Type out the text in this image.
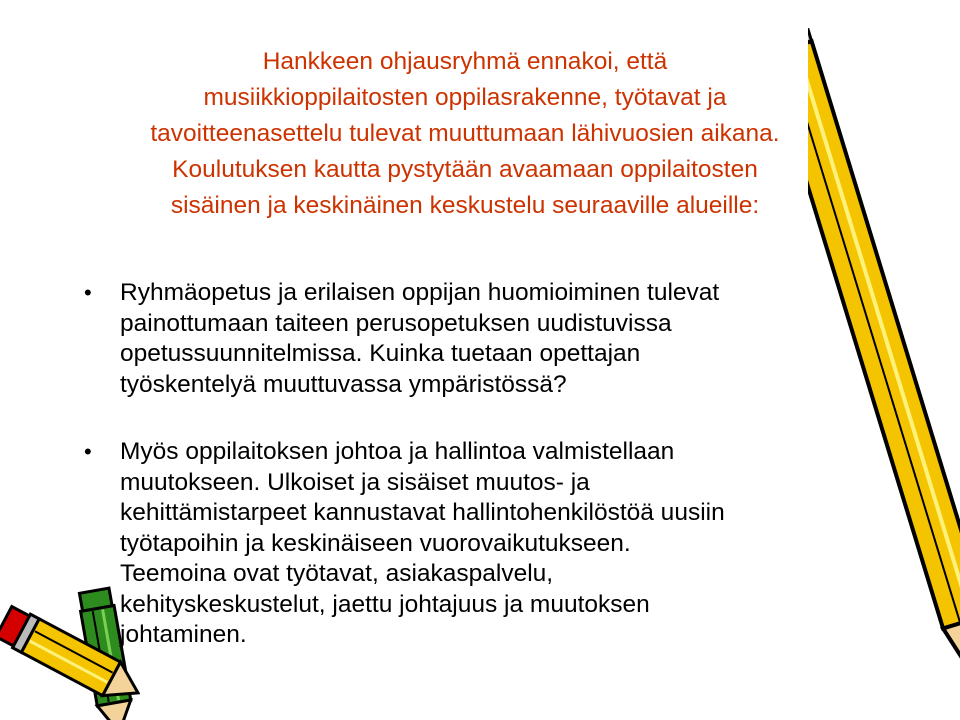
Hankkeen ohjausryhmä ennakoi, että

musiikkioppilaitosten oppilasrakenne, työtavat ja

tavoitteenasettelu tulevat muuttumaan lähivuosien aikana.

Koulutuksen kautta pystytään avaamaan oppilaitosten

sisäinen ja keskinäinen keskustelu seuraaville alueille:

• Ryhmäopetus ja erilaisen oppijan huomioiminen tulevat
painottumaan taiteen perusopetuksen uudistuvissa
opetussuunnitelmissa. Kuinka tuetaan opettajan
työskentelyä muuttuvassa ympäristössä?
• Myös oppilaitoksen johtoa ja hallintoa valmistellaan
muutokseen. Ulkoiset ja sisäiset muutos- ja
kehittämistarpeet kannustavat hallintohenkilöstöä uusiin
työtapoihin ja keskinäiseen vuorovaikutukseen.
Teemoina ovat työtavat, asiakaspalvelu,
kehityskeskustelut, jaettu johtajuus ja muutoksen
johtaminen.
